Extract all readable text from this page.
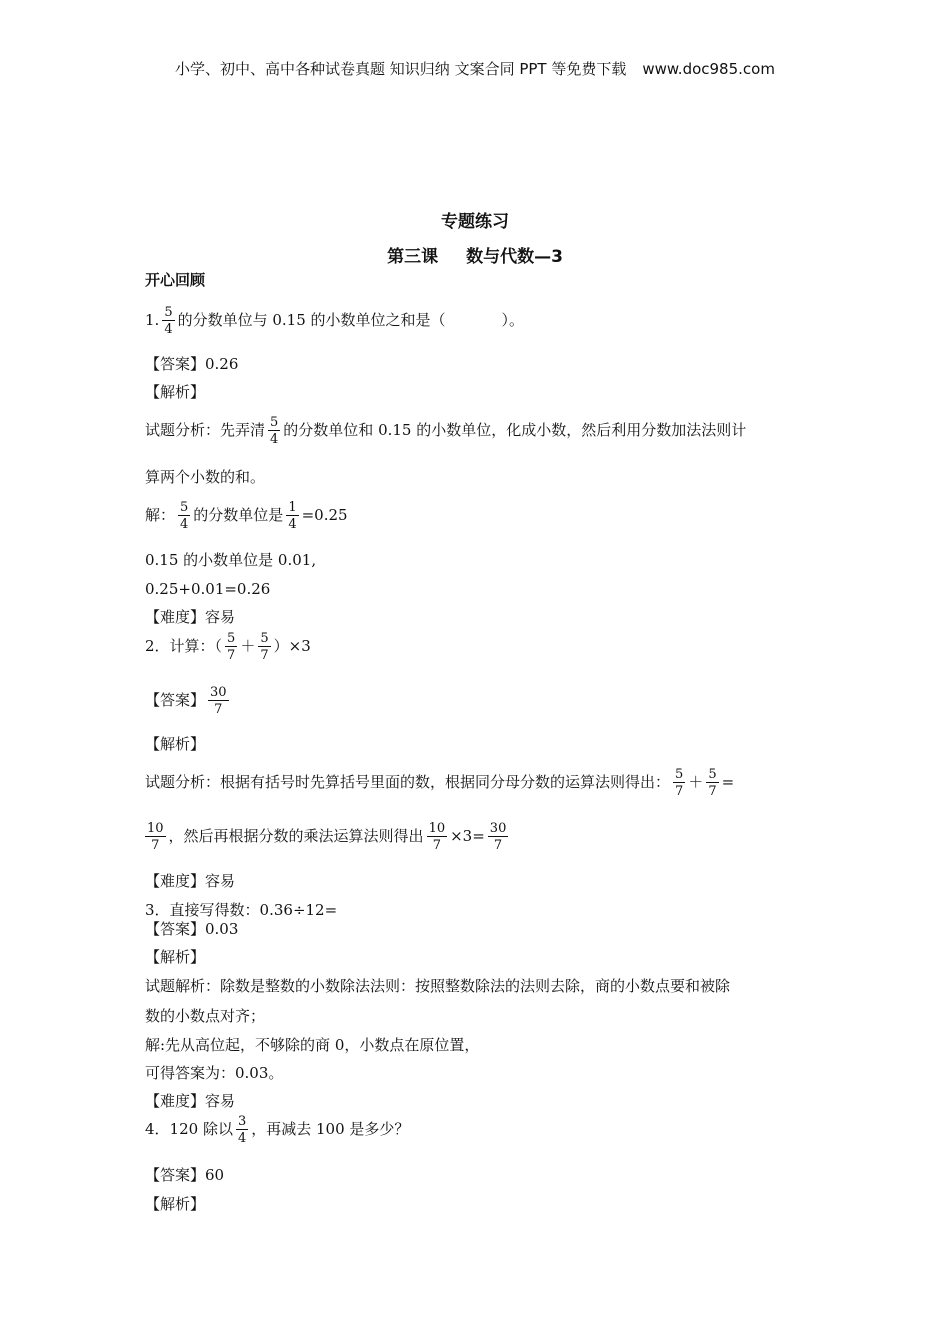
小学、初中、高中各种试卷真题 知识归纳 文案合同 PPT 等免费下载 www.doc985.com
专题练习
第三课 数与代数—3
开心回顾
1. $\frac{5}{4}$ 的分数单位与 0.15 的小数单位之和是（	）。
【答案】0.26
【解析】
试题分析：先弄清 $\frac{5}{4}$ 的分数单位和 0.15 的小数单位，化成小数，然后利用分数加法法则计
算两个小数的和。
解： $\frac{5}{4}$ 的分数单位是 $\frac{1}{4} =0.25$
0.15 的小数单位是 0.01,
0.25+0.01=0.26
【难度】容易
2．计算：（ $\frac{5}{7} + \frac{5}{7} )\times 3$
【答案】 $\frac{30}{7}$
【解析】
试题分析：根据有括号时先算括号里面的数，根据同分母分数的运算法则得出： $\frac{5}{7} + \frac{5}{7}$ =
$\frac{10}{7}$ ，然后再根据分数的乘法运算法则得出 $\frac{10}{7} \times 3= \frac{30}{7}$
【难度】容易
3．直接写得数：0.36÷12=
【答案】0.03
【解析】
试题解析：除数是整数的小数除法法则：按照整数除法的法则去除，商的小数点要和被除
数的小数点对齐；
解:先从高位起，不够除的商 0，小数点在原位置，
可得答案为：0.03。
【难度】容易
4．120 除以 $\frac{3}{4}$ ，再减去 100 是多少？
【答案】60
【解析】
